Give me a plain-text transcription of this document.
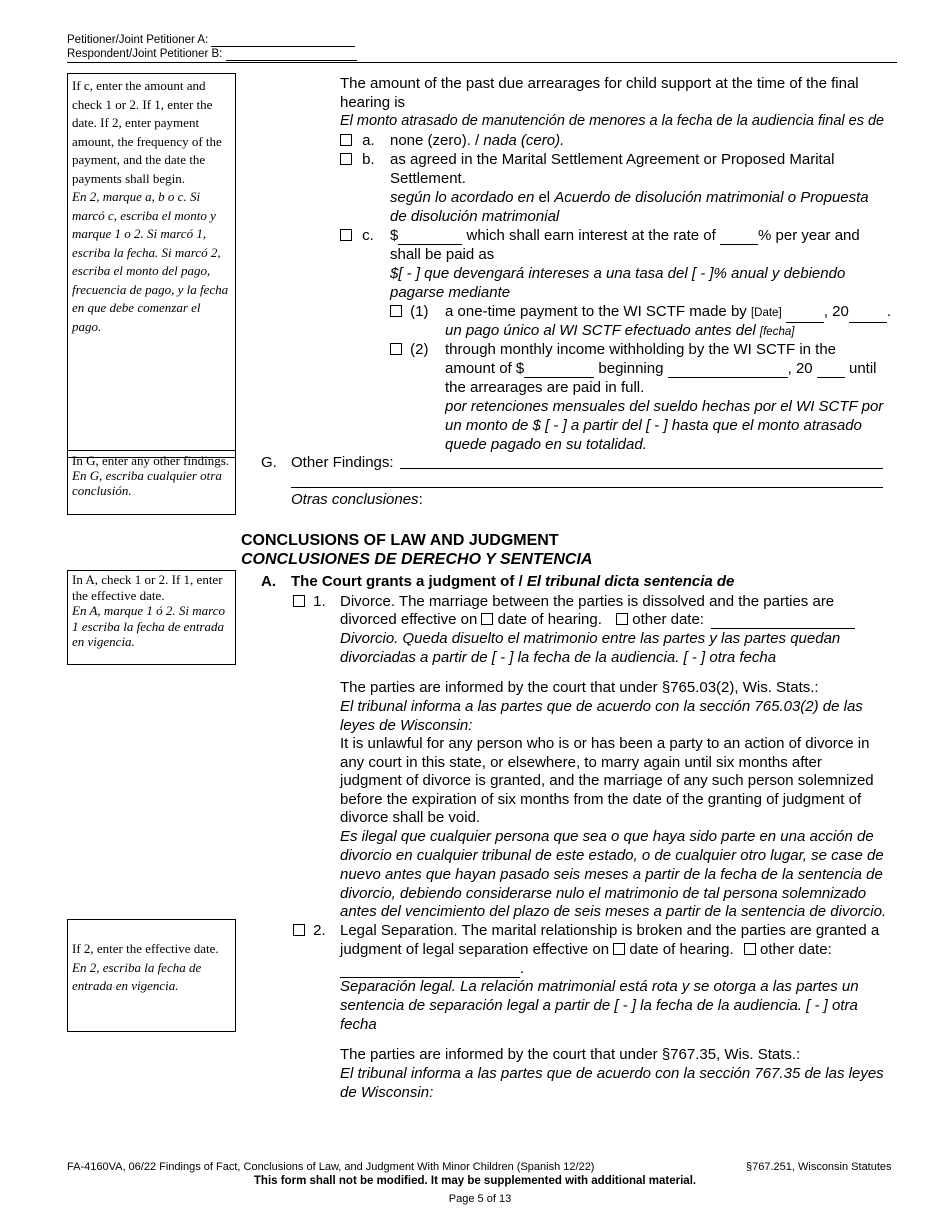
Petitioner/Joint Petitioner A:
Respondent/Joint Petitioner B:
If c, enter the amount and check 1 or 2. If 1, enter the date. If 2, enter payment amount, the frequency of the payment, and the date the payments shall begin.
En 2, marque a, b o c. Si marcó c, escriba el monto y marque 1 o 2. Si marcó 1, escriba la fecha. Si marcó 2, escriba el monto del pago, frecuencia de pago, y la fecha en que debe comenzar el pago.
In G, enter any other findings.
En G, escriba cualquier otra conclusión.
In A, check 1 or 2. If 1, enter the effective date.
En A, marque 1 ó 2. Si marco 1 escriba la fecha de entrada en vigencia.
If 2, enter the effective date.
En 2, escriba la fecha de entrada en vigencia.
The amount of the past due arrearages for child support at the time of the final
hearing is
El monto atrasado de manutención de menores a la fecha de la audiencia final es de
a. none (zero). / nada (cero).
b. as agreed in the Marital Settlement Agreement or Proposed Marital
Settlement.
según lo acordado en el Acuerdo de disolución matrimonial o Propuesta
de disolución matrimonial
c. $	which shall earn interest at the rate of	% per year and
shall be paid as
$[ - ] que devengará intereses a una tasa del [ - ]% anual y debiendo
pagarse mediante
(1) a one-time payment to the WI SCTF made by [Date]	, 20	.
un pago único al WI SCTF efectuado antes del [fecha]
(2) through monthly income withholding by the WI SCTF in the
amount of $	beginning	, 20  until
the arrearages are paid in full.
por retenciones mensuales del sueldo hechas por el WI SCTF por
un monto de $ [ - ] a partir del [ - ] hasta que el monto atrasado
quede pagado en su totalidad.
G. Other Findings:
Otras conclusiones:
CONCLUSIONS OF LAW AND JUDGMENT
CONCLUSIONES DE DERECHO Y SENTENCIA
A. The Court grants a judgment of / El tribunal dicta sentencia de
1. Divorce. The marriage between the parties is dissolved and the parties are
divorced effective on  date of hearing.  other date:
Divorcio. Queda disuelto el matrimonio entre las partes y las partes quedan
divorciadas a partir de [ - ] la fecha de la audiencia. [ - ] otra fecha
The parties are informed by the court that under §765.03(2), Wis. Stats.:
El tribunal informa a las partes que de acuerdo con la sección 765.03(2) de las
leyes de Wisconsin:
It is unlawful for any person who is or has been a party to an action of divorce in
any court in this state, or elsewhere, to marry again until six months after
judgment of divorce is granted, and the marriage of any such person solemnized
before the expiration of six months from the date of the granting of judgment of
divorce shall be void.
Es ilegal que cualquier persona que sea o que haya sido parte en una acción de
divorcio en cualquier tribunal de este estado, o de cualquier otro lugar, se case de
nuevo antes que hayan pasado seis meses a partir de la fecha de la sentencia de
divorcio, debiendo considerarse nulo el matrimonio de tal persona solemnizado
antes del vencimiento del plazo de seis meses a partir de la sentencia de divorcio.
2. Legal Separation. The marital relationship is broken and the parties are granted a
judgment of legal separation effective on  date of hearing.  other date:
.
Separación legal. La relación matrimonial está rota y se otorga a las partes un
sentencia de separación legal a partir de [ - ] la fecha de la audiencia. [ - ] otra
fecha
The parties are informed by the court that under §767.35, Wis. Stats.:
El tribunal informa a las partes que de acuerdo con la sección 767.35 de las leyes
de Wisconsin:
FA-4160VA, 06/22 Findings of Fact, Conclusions of Law, and Judgment With Minor Children (Spanish 12/22)	§767.251, Wisconsin Statutes
This form shall not be modified. It may be supplemented with additional material.
Page 5 of 13
